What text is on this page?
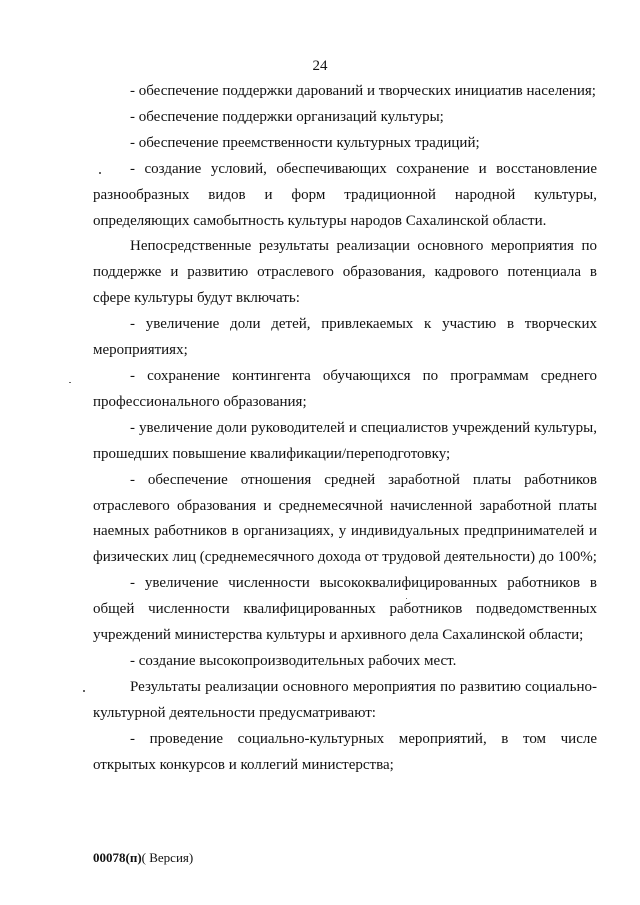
24

- обеспечение поддержки дарований и творческих инициатив населения;

- обеспечение поддержки организаций культуры;

- обеспечение преемственности культурных традиций;

- создание условий, обеспечивающих сохранение и восстановление разнообразных видов и форм традиционной народной культуры, определяющих самобытность культуры народов Сахалинской области.

Непосредственные результаты реализации основного мероприятия по поддержке и развитию отраслевого образования, кадрового потенциала в сфере культуры будут включать:

- увеличение доли детей, привлекаемых к участию в творческих мероприятиях;

- сохранение контингента обучающихся по программам среднего профессионального образования;

- увеличение доли руководителей и специалистов учреждений культуры, прошедших повышение квалификации/переподготовку;

- обеспечение отношения средней заработной платы работников отраслевого образования и среднемесячной начисленной заработной платы наемных работников в организациях, у индивидуальных предпринимателей и физических лиц (среднемесячного дохода от трудовой деятельности) до 100%;

- увеличение численности высококвалифицированных работников в общей численности квалифицированных работников подведомственных учреждений министерства культуры и архивного дела Сахалинской области;

- создание высокопроизводительных рабочих мест.

Результаты реализации основного мероприятия по развитию социально-культурной деятельности предусматривают:

- проведение социально-культурных мероприятий, в том числе открытых конкурсов и коллегий министерства;

00078(п)( Версия)
